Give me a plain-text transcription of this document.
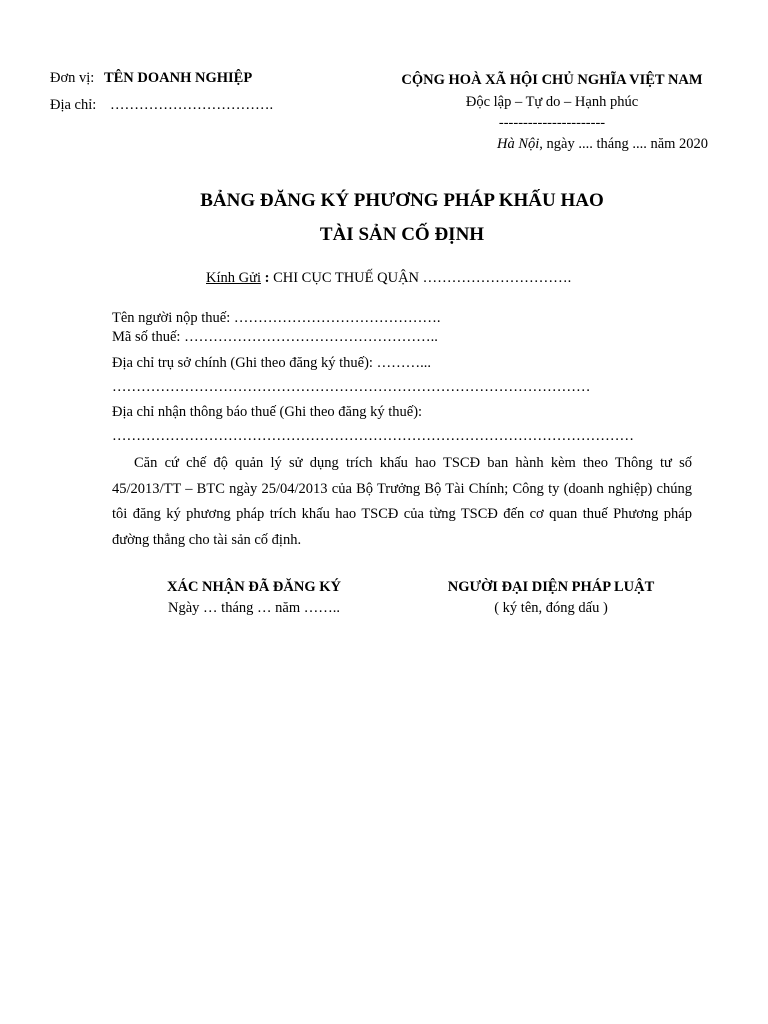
Đơn vị: TÊN DOANH NGHIỆP
Địa chỉ: …………………………….
CỘNG HOÀ XÃ HỘI CHỦ NGHĨA VIỆT NAM
Độc lập – Tự do – Hạnh phúc
----------------------
Hà Nội, ngày .... tháng .... năm 2020
BẢNG ĐĂNG KÝ PHƯƠNG PHÁP KHẤU HAO
TÀI SẢN CỐ ĐỊNH
Kính Gửi : CHI CỤC THUẾ QUẬN ………………………….
Tên người nộp thuế: …………………………………….
Mã số thuế: ……………………………………………..
Địa chỉ trụ sở chính (Ghi theo đăng ký thuế): ………...
………………………………………………………………………………………
Địa chỉ nhận thông báo thuế (Ghi theo đăng ký thuế):
………………………………………………………………………………………………
Căn cứ chế độ quản lý sử dụng trích khấu hao TSCĐ ban hành kèm theo Thông tư số 45/2013/TT – BTC ngày 25/04/2013 của Bộ Trưởng Bộ Tài Chính; Công ty (doanh nghiệp) chúng tôi đăng ký phương pháp trích khấu hao TSCĐ của từng TSCĐ đến cơ quan thuế Phương pháp đường thẳng cho tài sản cố định.
XÁC NHẬN ĐÃ ĐĂNG KÝ
Ngày … tháng … năm ……..
NGƯỜI ĐẠI DIỆN PHÁP LUẬT
( ký tên, đóng dấu )
